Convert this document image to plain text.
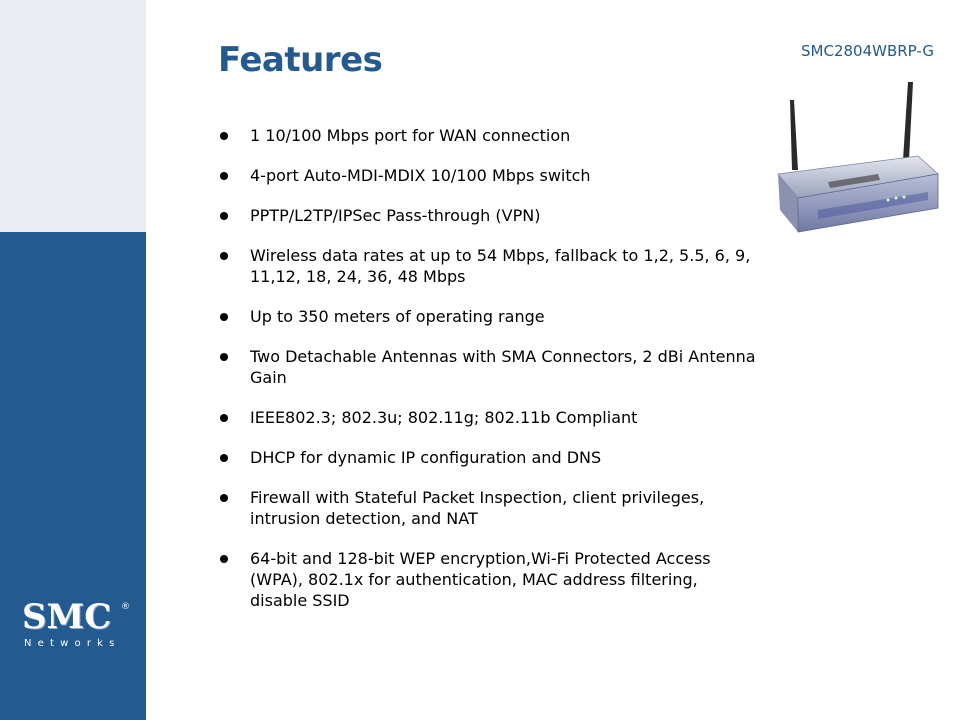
SMC ®
Networks
Features	SMC2804WBRP-G
1 10/100 Mbps port for WAN connection
4-port Auto-MDI-MDIX 10/100 Mbps switch
PPTP/L2TP/IPSec Pass-through (VPN)
Wireless data rates at up to 54 Mbps, fallback to 1,2, 5.5, 6, 9, 11,12, 18, 24, 36, 48 Mbps
Up to 350 meters of operating range
Two Detachable Antennas with SMA Connectors, 2 dBi Antenna Gain
IEEE802.3; 802.3u; 802.11g; 802.11b Compliant
DHCP for dynamic IP configuration and DNS
Firewall with Stateful Packet Inspection, client privileges, intrusion detection, and NAT
64-bit and 128-bit WEP encryption,Wi-Fi Protected Access (WPA), 802.1x for authentication, MAC address filtering, disable SSID
